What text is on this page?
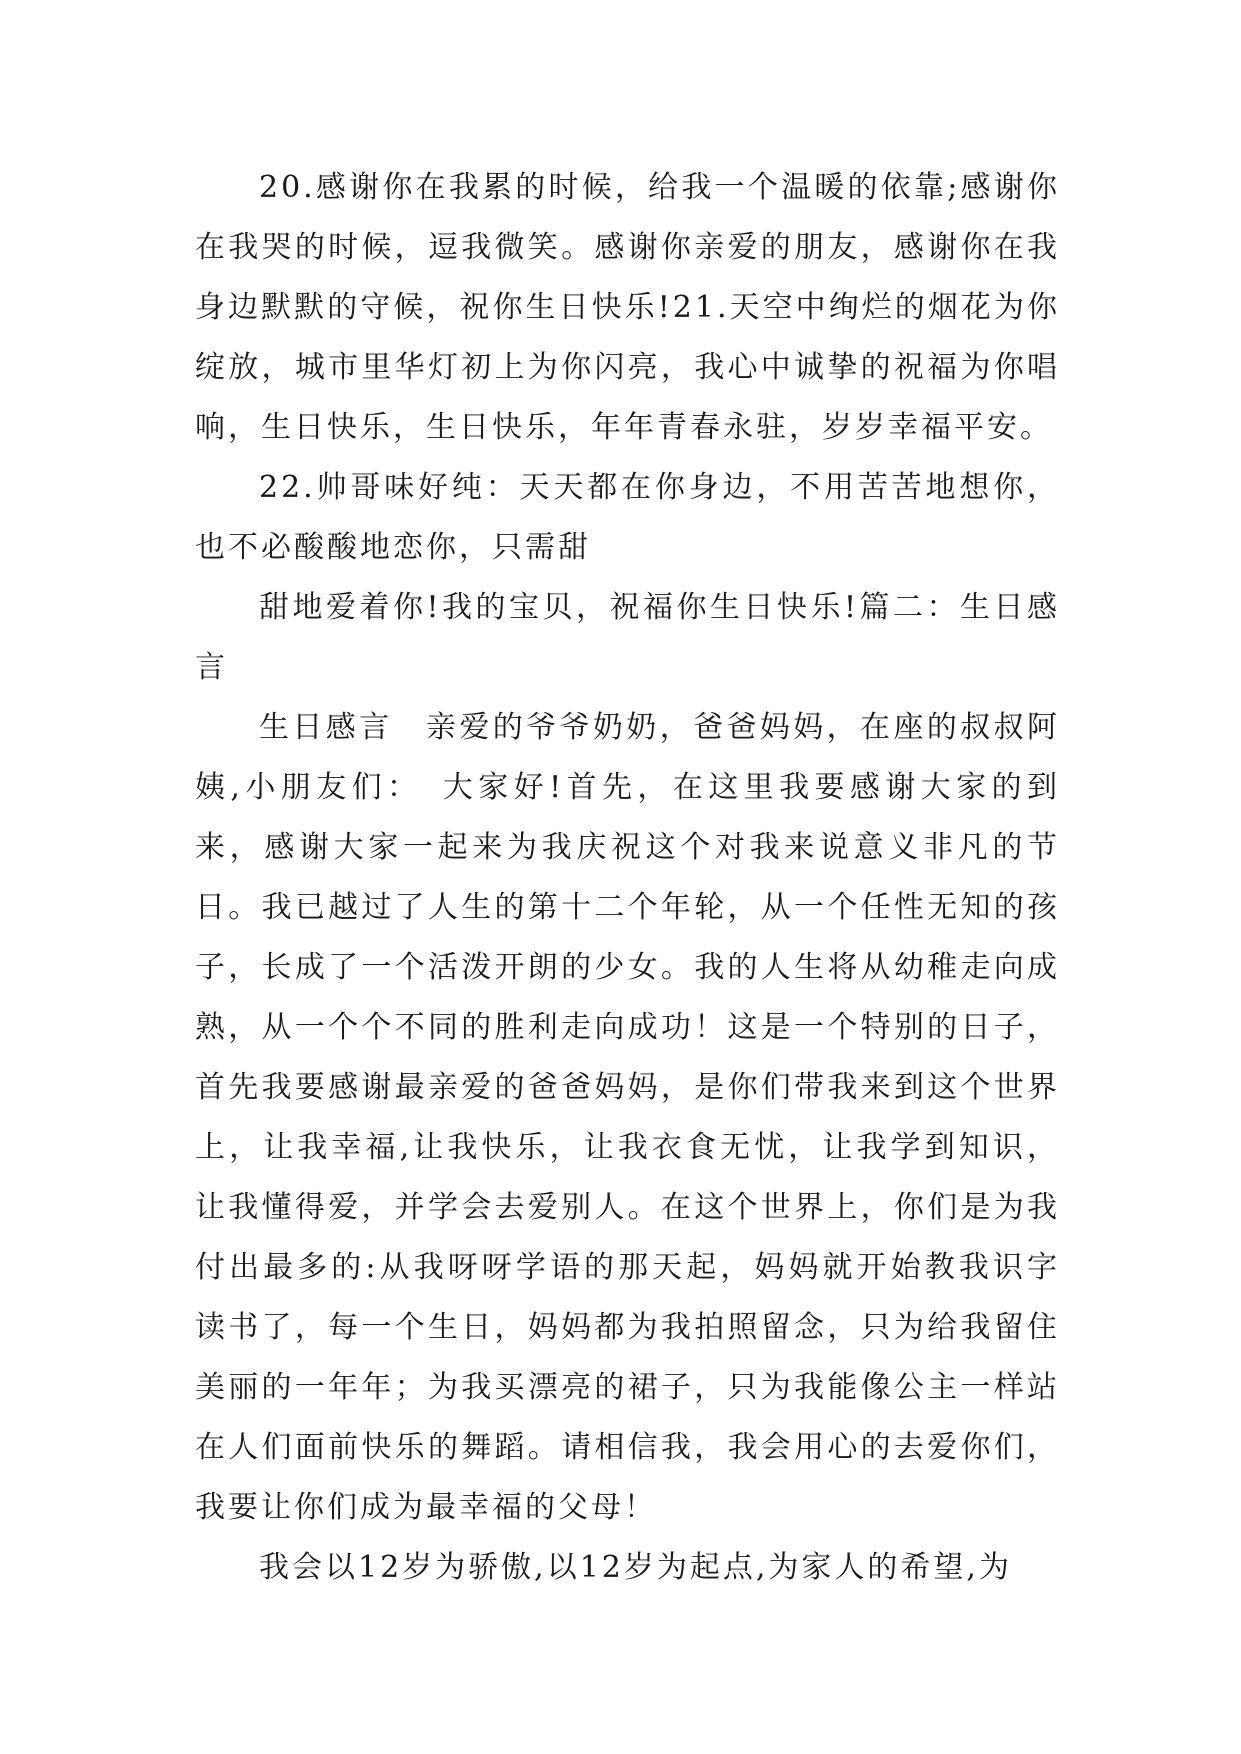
20.感谢你在我累的时候，给我一个温暖的依靠;感谢你在我哭的时候，逗我微笑。感谢你亲爱的朋友，感谢你在我身边默默的守候，祝你生日快乐!21.天空中绚烂的烟花为你绽放，城市里华灯初上为你闪亮，我心中诚挚的祝福为你唱响，生日快乐，生日快乐，年年青春永驻，岁岁幸福平安。

22.帅哥味好纯：天天都在你身边，不用苦苦地想你，也不必酸酸地恋你，只需甜

甜地爱着你!我的宝贝，祝福你生日快乐!篇二：生日感言

生日感言　亲爱的爷爷奶奶，爸爸妈妈，在座的叔叔阿姨,小朋友们：　大家好!首先，在这里我要感谢大家的到来，感谢大家一起来为我庆祝这个对我来说意义非凡的节日。我已越过了人生的第十二个年轮，从一个任性无知的孩子，长成了一个活泼开朗的少女。我的人生将从幼稚走向成熟，从一个个不同的胜利走向成功！这是一个特别的日子，首先我要感谢最亲爱的爸爸妈妈，是你们带我来到这个世界上，让我幸福,让我快乐，让我衣食无忧，让我学到知识，让我懂得爱，并学会去爱别人。在这个世界上，你们是为我付出最多的:从我呀呀学语的那天起，妈妈就开始教我识字读书了，每一个生日，妈妈都为我拍照留念，只为给我留住美丽的一年年；为我买漂亮的裙子，只为我能像公主一样站在人们面前快乐的舞蹈。请相信我，我会用心的去爱你们，我要让你们成为最幸福的父母！

我会以12岁为骄傲,以12岁为起点,为家人的希望,为
